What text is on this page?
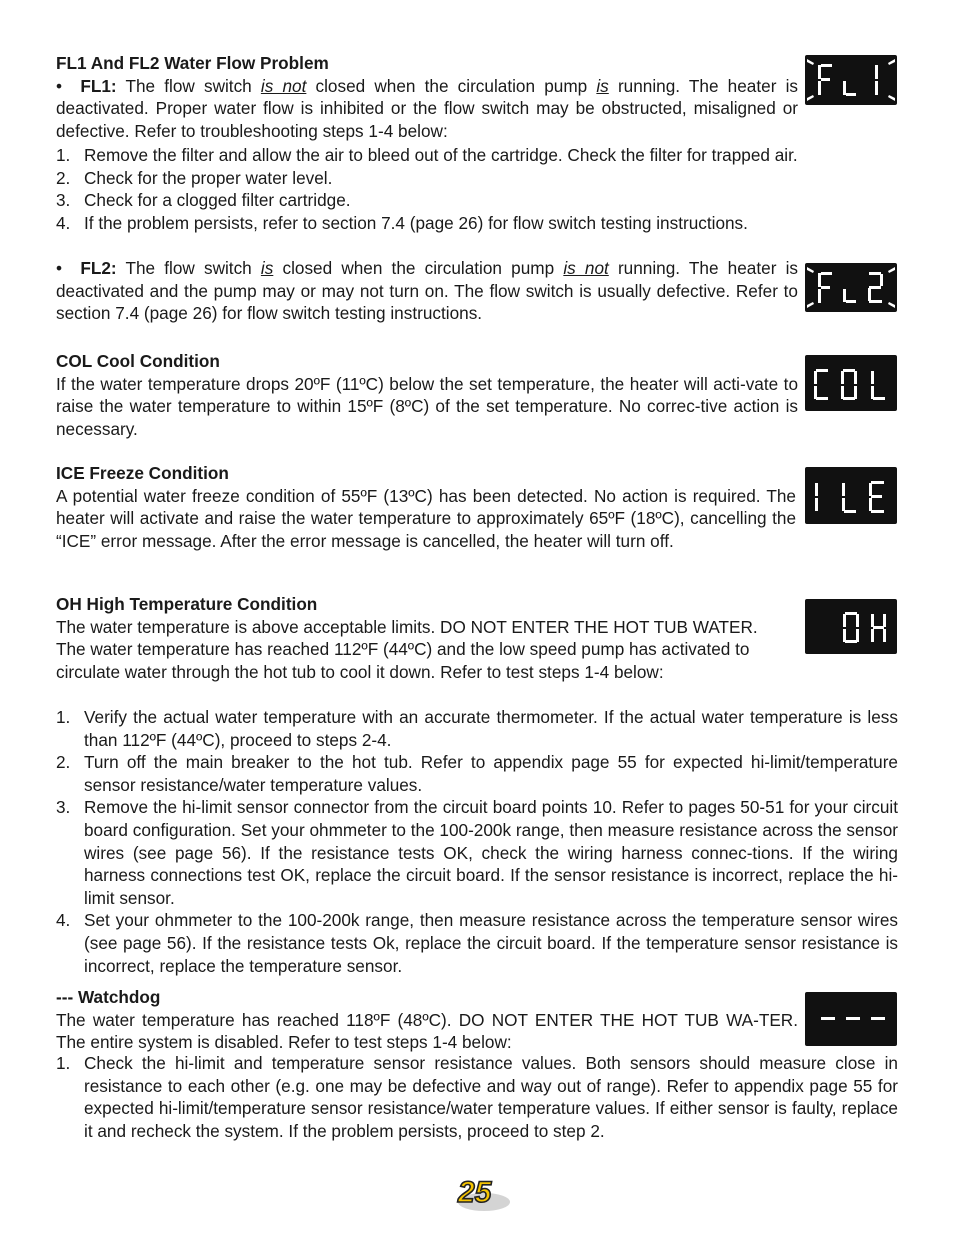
FL1 And FL2 Water Flow Problem

•  FL1: The flow switch is not closed when the circulation pump is running. The heater is deactivated. Proper water flow is inhibited or the flow switch may be obstructed, misaligned or defective. Refer to troubleshooting steps 1-4 below:

1. Remove the filter and allow the air to bleed out of the cartridge. Check the filter for trapped air.
2. Check for the proper water level.
3. Check for a clogged filter cartridge.
4. If the problem persists, refer to section 7.4 (page 26) for flow switch testing instructions.

•  FL2: The flow switch is closed when the circulation pump is not running. The heater is deactivated and the pump may or may not turn on. The flow switch is usually defective. Refer to section 7.4 (page 26) for flow switch testing instructions.

COL Cool Condition

If the water temperature drops 20ºF (11ºC) below the set temperature, the heater will acti-vate to raise the water temperature to within 15ºF (8ºC) of the set temperature. No correc-tive action is necessary.

ICE Freeze Condition

A potential water freeze condition of 55ºF (13ºC) has been detected. No action is required. The heater will activate and raise the water temperature to approximately 65ºF (18ºC), cancelling the “ICE” error message. After the error message is cancelled, the heater will turn off.

OH High Temperature Condition

The water temperature is above acceptable limits. DO NOT ENTER THE HOT TUB WATER. The water temperature has reached 112ºF (44ºC) and the low speed pump has activated to circulate water through the hot tub to cool it down. Refer to test steps 1-4 below:

1. Verify the actual water temperature with an accurate thermometer. If the actual water temperature is less than 112ºF (44ºC), proceed to steps 2-4.
2. Turn off the main breaker to the hot tub. Refer to appendix page 55 for expected hi-limit/temperature sensor resistance/water temperature values.
3. Remove the hi-limit sensor connector from the circuit board points 10. Refer to pages 50-51 for your circuit board configuration. Set your ohmmeter to the 100-200k range, then measure resistance across the sensor wires (see page 56). If the resistance tests OK, check the wiring harness connec-tions. If the wiring harness connections test OK, replace the circuit board. If the sensor resistance is incorrect, replace the hi-limit sensor.
4. Set your ohmmeter to the 100-200k range, then measure resistance across the temperature sensor wires (see page 56). If the resistance tests Ok, replace the circuit board. If the temperature sensor resistance is incorrect, replace the temperature sensor.

--- Watchdog

The water temperature has reached 118ºF (48ºC). DO NOT ENTER THE HOT TUB WA-TER. The entire system is disabled. Refer to test steps 1-4 below:

1. Check the hi-limit and temperature sensor resistance values. Both sensors should measure close in resistance to each other (e.g. one may be defective and way out of range). Refer to appendix page 55 for expected hi-limit/temperature sensor resistance/water temperature values. If either sensor is faulty, replace it and recheck the system. If the problem persists, proceed to step 2.
25
